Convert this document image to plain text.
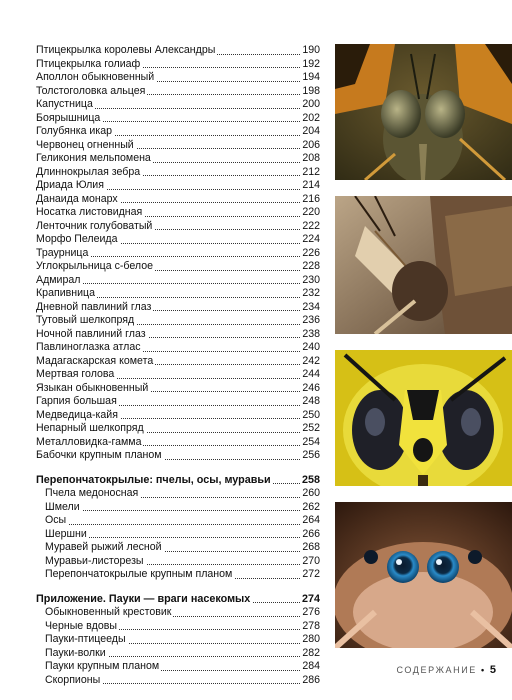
Птицекрылка королевы Александры	190
Птицекрылка голиаф	192
Аполлон обыкновенный	194
Толстоголовка альцея	198
Капустница	200
Боярышница	202
Голубянка икар	204
Червонец огненный	206
Геликония мельпомена	208
Длиннокрылая зебра	212
Дриада Юлия	214
Данаида монарх	216
Носатка листовидная	220
Ленточник голубоватый	222
Морфо Пелеида	224
Траурница	226
Углокрыльница с-белое	228
Адмирал	230
Крапивница	232
Дневной павлиний глаз	234
Тутовый шелкопряд	236
Ночной павлиний глаз	238
Павлиноглазка атлас	240
Мадагаскарская комета	242
Мертвая голова	244
Языкан обыкновенный	246
Гарпия большая	248
Медведица-кайя	250
Непарный шелкопряд	252
Металловидка-гамма	254
Бабочки крупным планом	256
Перепончатокрылые: пчелы, осы, муравьи	258
Пчела медоносная	260
Шмели	262
Осы	264
Шершни	266
Муравей рыжий лесной	268
Муравьи-листорезы	270
Перепончатокрылые крупным планом	272
Приложение. Пауки — враги насекомых	274
Обыкновенный крестовик	276
Черные вдовы	278
Пауки-птицееды	280
Пауки-волки	282
Пауки крупным планом	284
Скорпионы	286
СОДЕРЖАНИЕ • 5
